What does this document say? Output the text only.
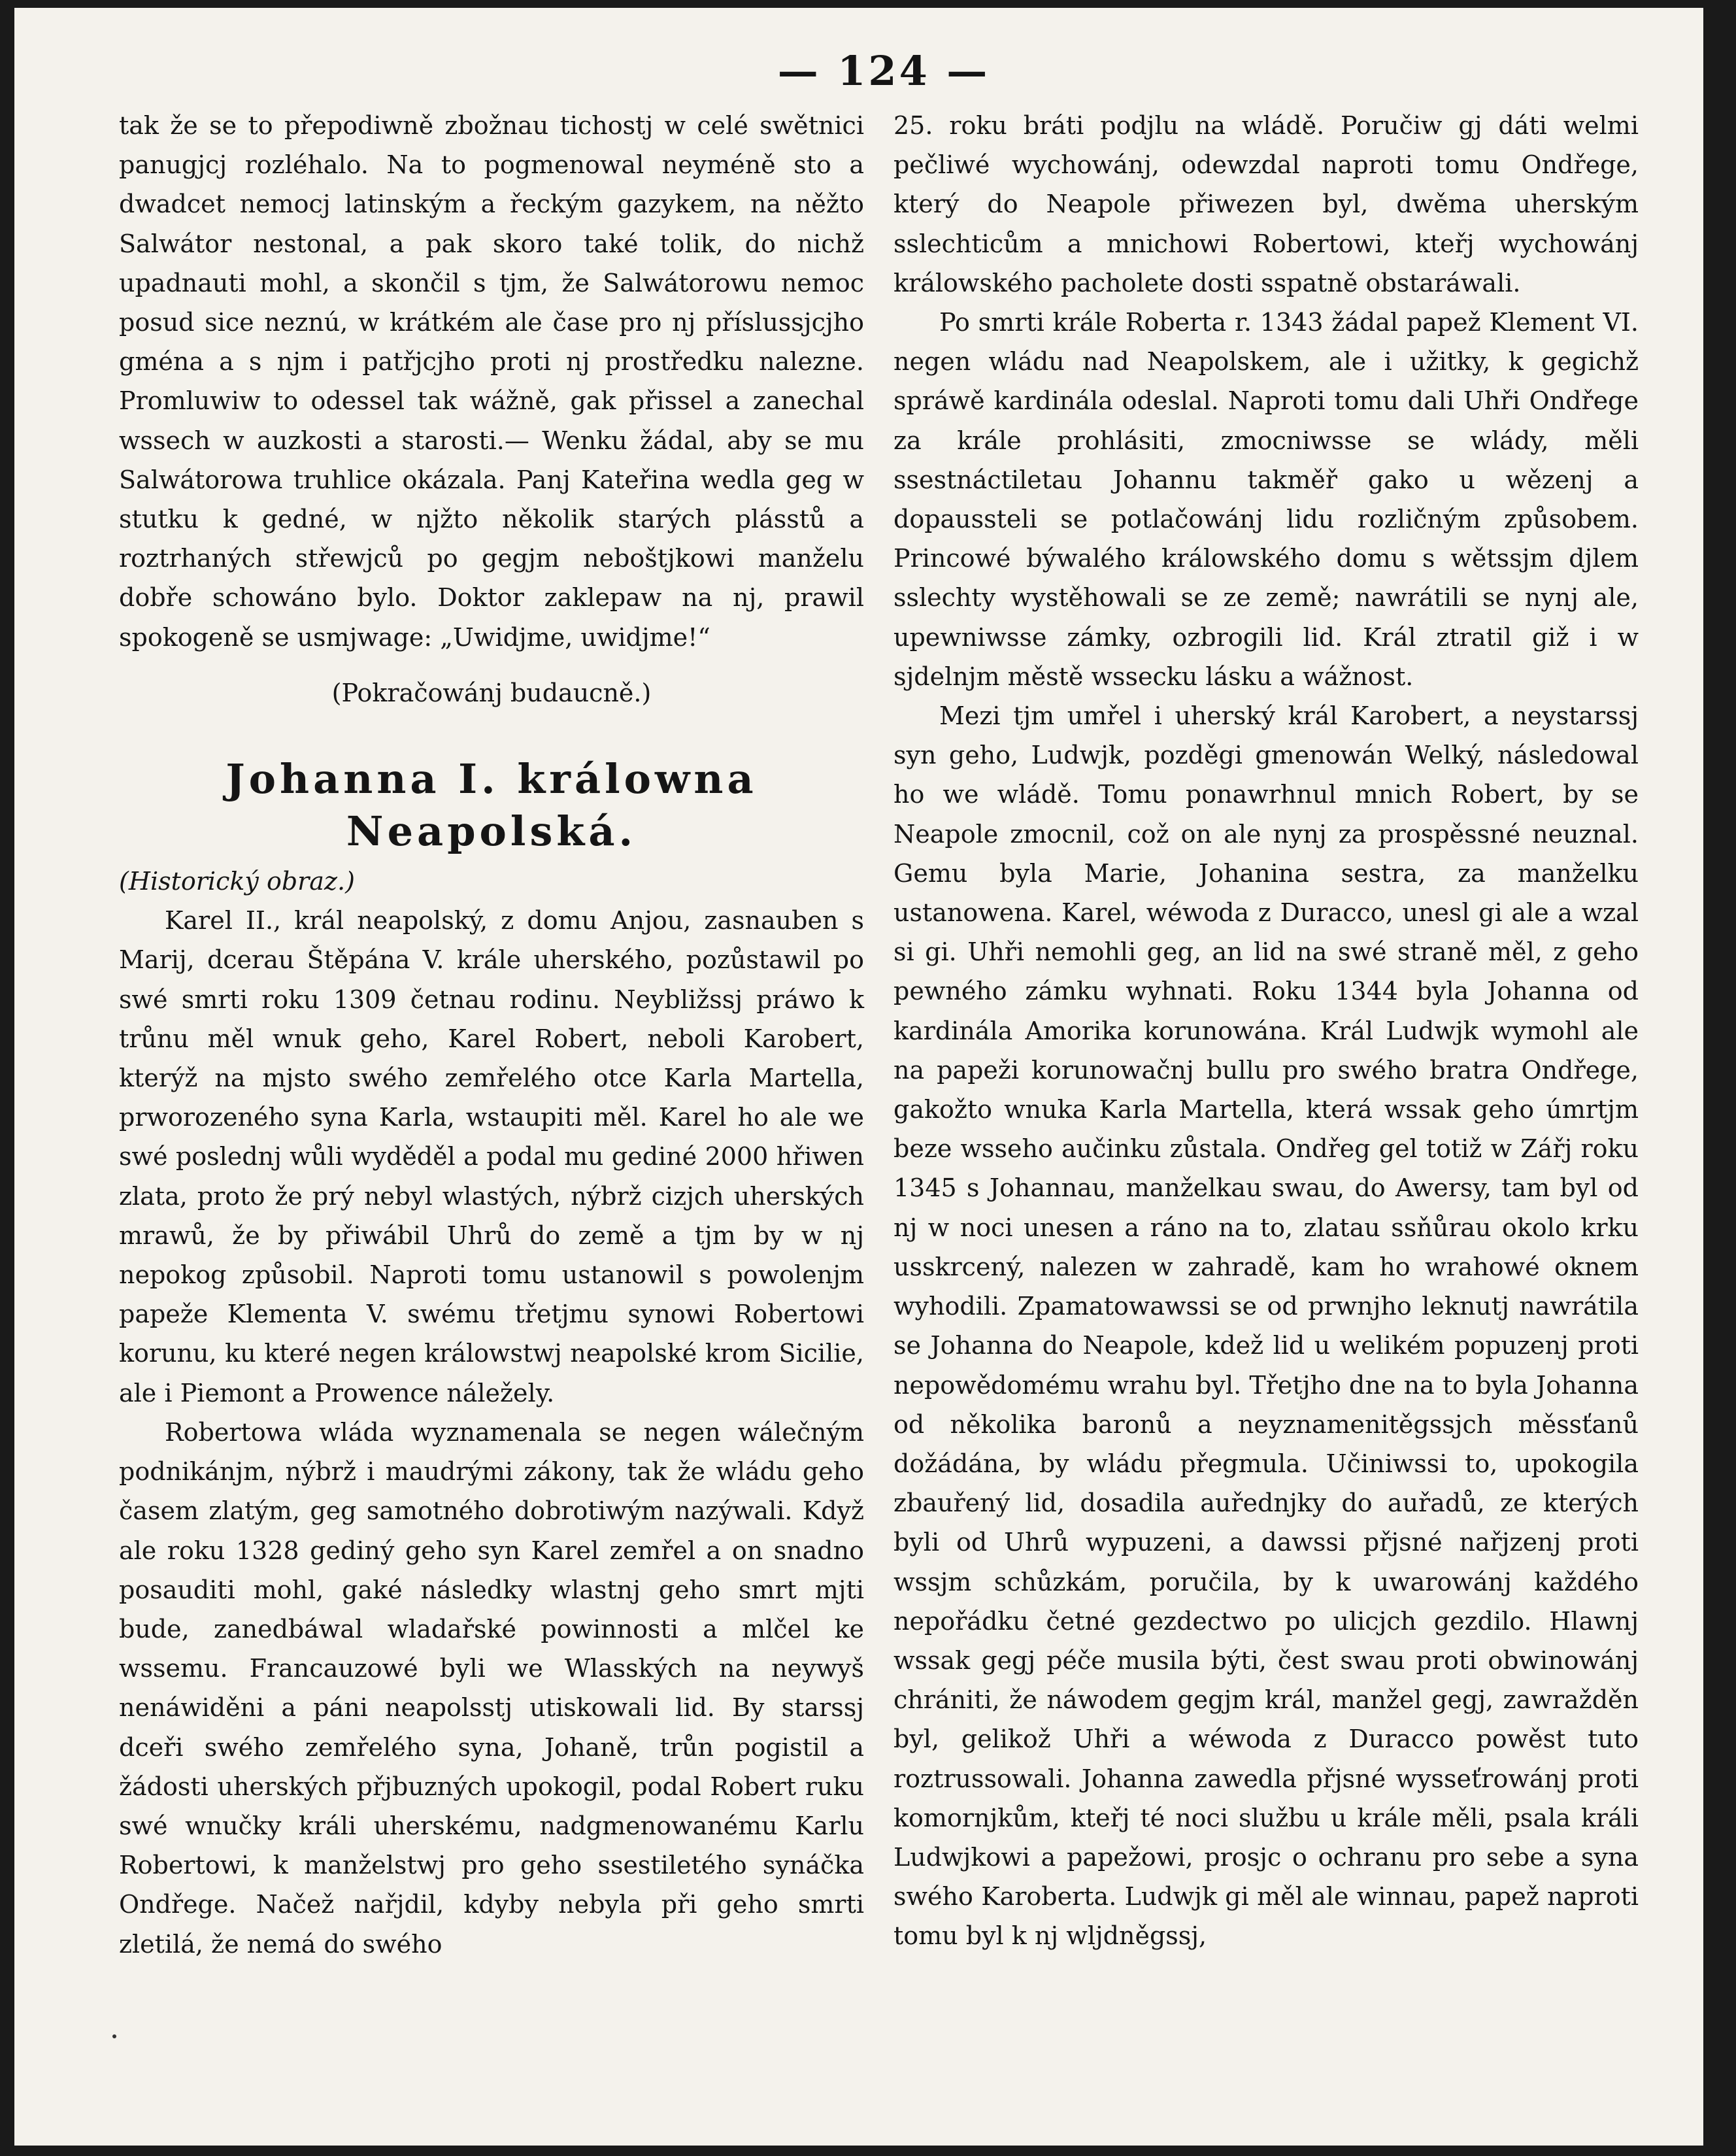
— 124 —

tak že se to přepodiwně zbožnau tichostj w celé swětnici panugjcj rozléhalo. Na to pogmenowal neyméně sto a dwadcet nemocj latinským a řeckým gazykem, na něžto Salwátor nestonal, a pak skoro také tolik, do nichž upadnauti mohl, a skončil s tjm, že Salwátorowu nemoc posud sice neznú, w krátkém ale čase pro nj příslussjcjho gména a s njm i patřjcjho proti nj prostředku nalezne. Promluwiw to odessel tak wážně, gak přissel a zanechal wssech w auzkosti a starosti.— Wenku žádal, aby se mu Salwátorowa truhlice okázala. Panj Kateřina wedla geg w stutku k gedné, w njžto několik starých plásstů a roztrhaných střewjců po gegjm neboštjkowi manželu dobře schowáno bylo. Doktor zaklepaw na nj, prawil spokogeně se usmjwage: „Uwidjme, uwidjme!“

(Pokračowánj budaucně.)

Johanna I. králowna Neapolská.

(Historický obraz.)

Karel II., král neapolský, z domu Anjou, zasnauben s Marij, dcerau Štěpána V. krále uherského, pozůstawil po swé smrti roku 1309 četnau rodinu. Neybližssj práwo k trůnu měl wnuk geho, Karel Robert, neboli Karobert, kterýž na mjsto swého zemřelého otce Karla Martella, prworozeného syna Karla, wstaupiti měl. Karel ho ale we swé poslednj wůli wyděděl a podal mu gediné 2000 hřiwen zlata, proto že prý nebyl wlastých, nýbrž cizjch uherských mrawů, že by přiwábil Uhrů do země a tjm by w nj nepokog způsobil. Naproti tomu ustanowil s powolenjm papeže Klementa V. swému třetjmu synowi Robertowi korunu, ku které negen králowstwj neapolské krom Sicilie, ale i Piemont a Prowence náležely.

Robertowa wláda wyznamenala se negen wálečným podnikánjm, nýbrž i maudrými zákony, tak že wládu geho časem zlatým, geg samotného dobrotiwým nazýwali. Když ale roku 1328 gediný geho syn Karel zemřel a on snadno posauditi mohl, gaké následky wlastnj geho smrt mjti bude, zanedbáwal wladařské powinnosti a mlčel ke wssemu. Francauzowé byli we Wlasských na neywyš nenáwiděni a páni neapolsstj utiskowali lid. By starssj dceři swého zemřelého syna, Johaně, trůn pogistil a žádosti uherských přjbuzných upokogil, podal Robert ruku swé wnučky králi uherskému, nadgmenowanému Karlu Robertowi, k manželstwj pro geho ssestiletého synáčka Ondřege. Načež nařjdil, kdyby nebyla při geho smrti zletilá, že nemá do swého

25. roku bráti podjlu na wládě. Poručiw gj dáti welmi pečliwé wychowánj, odewzdal naproti tomu Ondřege, který do Neapole přiwezen byl, dwěma uherským sslechticům a mnichowi Robertowi, kteřj wychowánj králowského pacholete dosti sspatně obstaráwali.

Po smrti krále Roberta r. 1343 žádal papež Klement VI. negen wládu nad Neapolskem, ale i užitky, k gegichž spráwě kardinála odeslal. Naproti tomu dali Uhři Ondřege za krále prohlásiti, zmocniwsse se wlády, měli ssestnáctiletau Johannu takměř gako u wězenj a dopaussteli se potlačowánj lidu rozličným způsobem. Princowé býwalého králowského domu s wětssjm djlem sslechty wystěhowali se ze země; nawrátili se nynj ale, upewniwsse zámky, ozbrogili lid. Král ztratil giž i w sjdelnjm městě wssecku lásku a wážnost.

Mezi tjm umřel i uherský král Karobert, a neystarssj syn geho, Ludwjk, pozděgi gmenowán Welký, následowal ho we wládě. Tomu ponawrhnul mnich Robert, by se Neapole zmocnil, což on ale nynj za prospěssné neuznal. Gemu byla Marie, Johanina sestra, za manželku ustanowena. Karel, wéwoda z Duracco, unesl gi ale a wzal si gi. Uhři nemohli geg, an lid na swé straně měl, z geho pewného zámku wyhnati. Roku 1344 byla Johanna od kardinála Amorika korunowána. Král Ludwjk wymohl ale na papeži korunowačnj bullu pro swého bratra Ondřege, gakožto wnuka Karla Martella, která wssak geho úmrtjm beze wsseho aučinku zůstala. Ondřeg gel totiž w Zářj roku 1345 s Johannau, manželkau swau, do Awersy, tam byl od nj w noci unesen a ráno na to, zlatau ssňůrau okolo krku usskrcený, nalezen w zahradě, kam ho wrahowé oknem wyhodili. Zpamatowawssi se od prwnjho leknutj nawrátila se Johanna do Neapole, kdež lid u welikém popuzenj proti nepowědomému wrahu byl. Třetjho dne na to byla Johanna od několika baronů a neyznamenitěgssjch měssťanů dožádána, by wládu přegmula. Učiniwssi to, upokogila zbauřený lid, dosadila auřednjky do auřadů, ze kterých byli od Uhrů wypuzeni, a dawssi přjsné nařjzenj proti wssjm schůzkám, poručila, by k uwarowánj každého nepořádku četné gezdectwo po ulicjch gezdilo. Hlawnj wssak gegj péče musila býti, čest swau proti obwinowánj chrániti, že náwodem gegjm král, manžel gegj, zawražděn byl, gelikož Uhři a wéwoda z Duracco powěst tuto roztrussowali. Johanna zawedla přjsné wysseťrowánj proti komornjkům, kteřj té noci službu u krále měli, psala králi Ludwjkowi a papežowi, prosjc o ochranu pro sebe a syna swého Karoberta. Ludwjk gi měl ale winnau, papež naproti tomu byl k nj wljdněgssj,
